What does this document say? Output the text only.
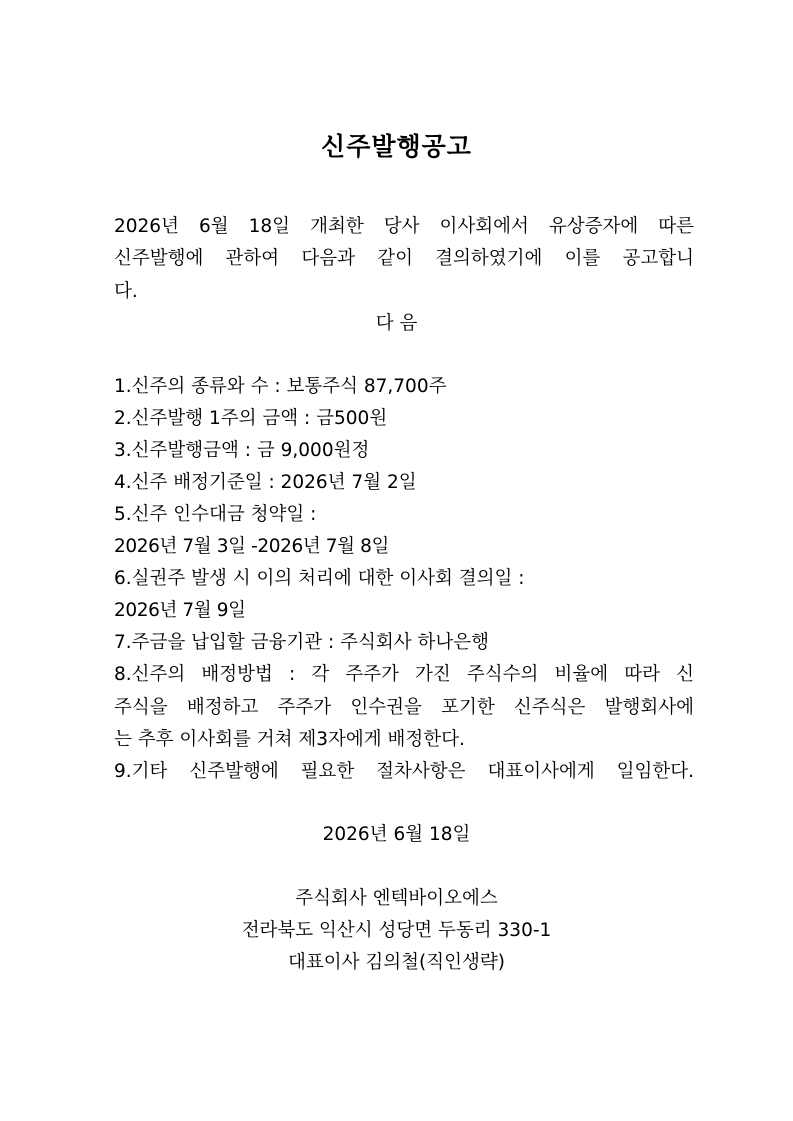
신주발행공고
2026년 6월 18일 개최한 당사 이사회에서 유상증자에 따른
신주발행에 관하여 다음과 같이 결의하였기에 이를 공고합니
다.
다 음
1.신주의 종류와 수 : 보통주식 87,700주
2.신주발행 1주의 금액 : 금500원
3.신주발행금액 : 금 9,000원정
4.신주 배정기준일 : 2026년 7월 2일
5.신주 인수대금 청약일 :
2026년 7월 3일 -2026년 7월 8일
6.실권주 발생 시 이의 처리에 대한 이사회 결의일 :
2026년 7월 9일
7.주금을 납입할 금융기관 : 주식회사 하나은행
8.신주의 배정방법 : 각 주주가 가진 주식수의 비율에 따라 신
주식을 배정하고 주주가 인수권을 포기한 신주식은 발행회사에
는 추후 이사회를 거쳐 제3자에게 배정한다.
9.기타 신주발행에 필요한 절차사항은 대표이사에게 일임한다.
2026년 6월 18일
주식회사 엔텍바이오에스
전라북도 익산시 성당면 두동리 330-1
대표이사 김의철(직인생략)
